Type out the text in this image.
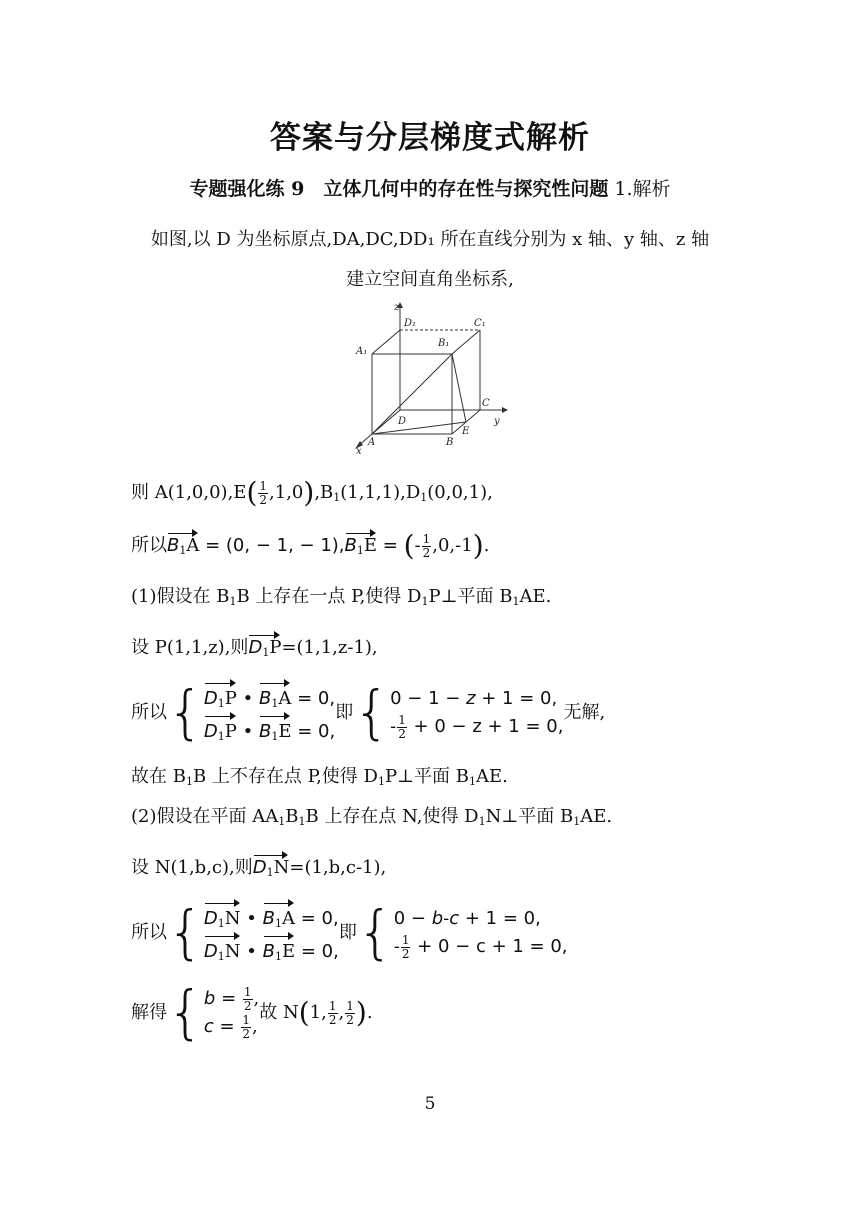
答案与分层梯度式解析
专题强化练 9　立体几何中的存在性与探究性问题 1.解析
如图,以 D 为坐标原点,DA,DC,DD₁ 所在直线分别为 x 轴、y 轴、z 轴
建立空间直角坐标系,
z
D₁	C₁
A₁
B₁
C
y
D
E
A	B
x
则 $A(1,0,0),E( \frac{1}{2} ,1,0),B_1(1,1,1),D_1(0,0,1)$,
所以$B_1A = (0$, − 1, − $1),B_1E$ = (- $\frac{1}{2} ,0,-1$).
(1)假设在 $B_1B$ 上存在一点 P,使得 $D_1P\perp$平面 $B_1AE$.
设 P(1,1,z),则$D_1P=(1,1,z-1)$,
所以{$D_1P$ • $B_1A = 0$,
$D_1P$ • $B_1E = 0$,即{0 − 1 − z + 1 = 0,
- $\frac{1}{2} + 0 - z + 1 = 0$,无解,
故在 $B_1B$ 上不存在点 P,使得 $D_1P\perp$平面 $B_1AE$.
(2)假设在平面 $AA_1B_1B$ 上存在点 N,使得 $D_1N\perp$平面 $B_1AE$.
设 N(1,b,c),则$D_1N=(1,b,c-1)$,
所以{$D_1N$ • $B_1A = 0$,
$D_1N$ • $B_1E = 0$,即{0 − b-c + 1 = 0,
- $\frac{1}{2} + 0 - c + 1 = 0$,
解得{$b = \frac{1}{2}$ ,
$c = \frac{1}{2}$ ,故 N(1, $\frac{1}{2}$ , $\frac{1}{2}$ ).
5
